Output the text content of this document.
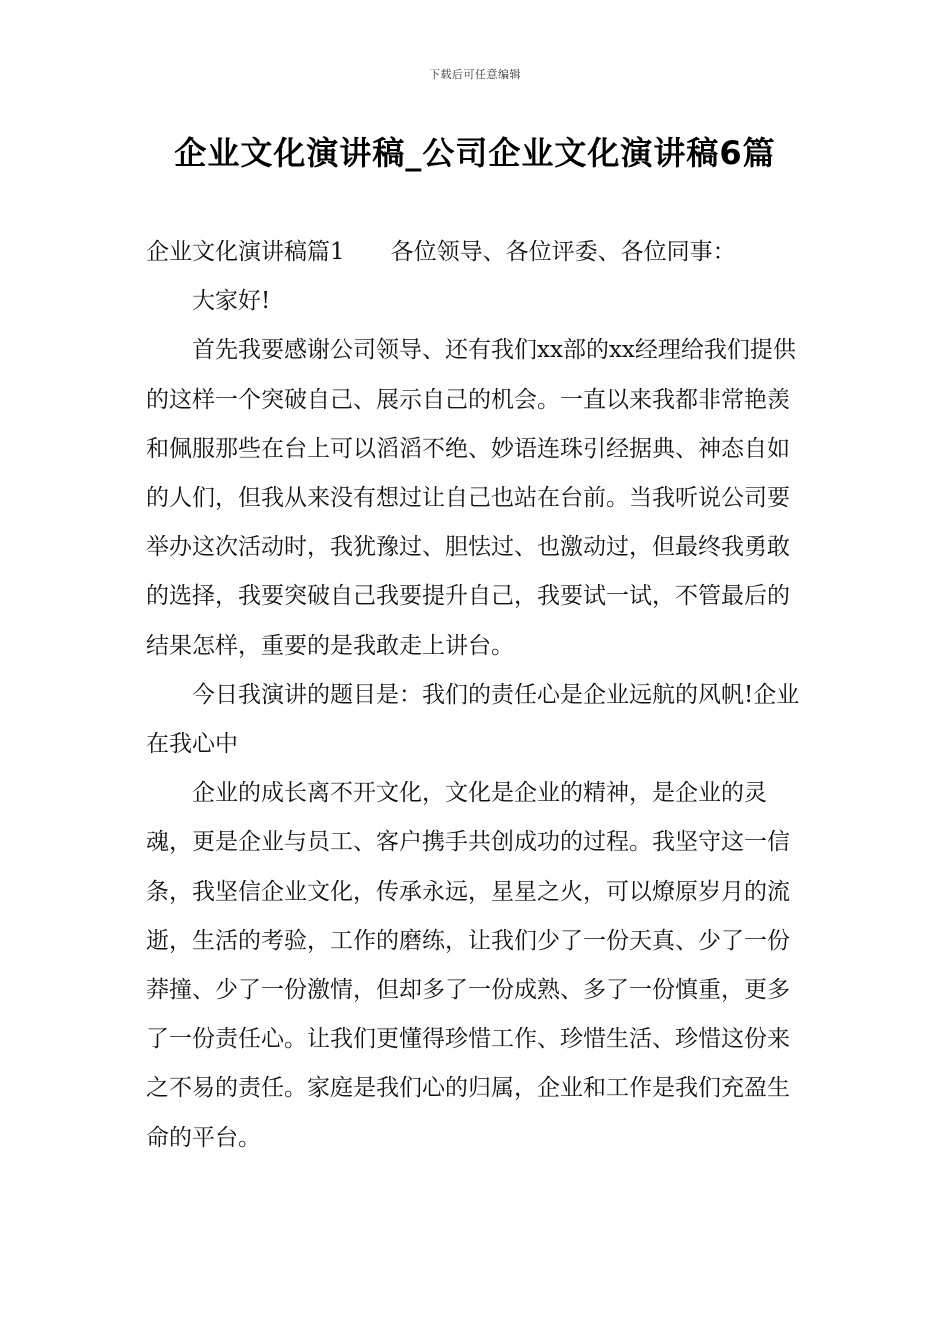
下载后可任意编辑
企业文化演讲稿_公司企业文化演讲稿6篇

企业文化演讲稿篇1 各位领导、各位评委、各位同事：

大家好!

首先我要感谢公司领导、还有我们xx部的xx经理给我们提供的这样一个突破自己、展示自己的机会。一直以来我都非常艳羡和佩服那些在台上可以滔滔不绝、妙语连珠引经据典、神态自如的人们，但我从来没有想过让自己也站在台前。当我听说公司要举办这次活动时，我犹豫过、胆怯过、也激动过，但最终我勇敢的选择，我要突破自己我要提升自己，我要试一试，不管最后的结果怎样，重要的是我敢走上讲台。

今日我演讲的题目是：我们的责任心是企业远航的风帆!企业在我心中

企业的成长离不开文化，文化是企业的精神，是企业的灵魂，更是企业与员工、客户携手共创成功的过程。我坚守这一信条，我坚信企业文化，传承永远，星星之火，可以燎原岁月的流逝，生活的考验，工作的磨练，让我们少了一份天真、少了一份莽撞、少了一份激情，但却多了一份成熟、多了一份慎重，更多了一份责任心。让我们更懂得珍惜工作、珍惜生活、珍惜这份来之不易的责任。家庭是我们心的归属，企业和工作是我们充盈生命的平台。
